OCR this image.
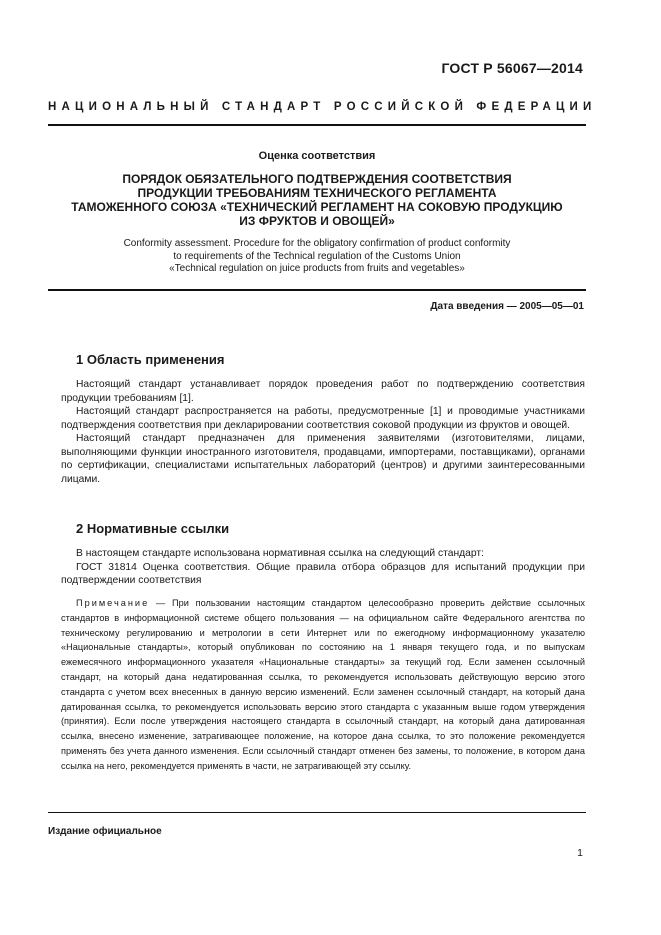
ГОСТ Р 56067—2014
НАЦИОНАЛЬНЫЙ СТАНДАРТ РОССИЙСКОЙ ФЕДЕРАЦИИ
Оценка соответствия
ПОРЯДОК ОБЯЗАТЕЛЬНОГО ПОДТВЕРЖДЕНИЯ СООТВЕТСТВИЯ
ПРОДУКЦИИ ТРЕБОВАНИЯМ ТЕХНИЧЕСКОГО РЕГЛАМЕНТА
ТАМОЖЕННОГО СОЮЗА «ТЕХНИЧЕСКИЙ РЕГЛАМЕНТ НА СОКОВУЮ ПРОДУКЦИЮ
ИЗ ФРУКТОВ И ОВОЩЕЙ»
Conformity assessment. Procedure for the obligatory confirmation of product conformity
to requirements of the Technical regulation of the Customs Union
«Technical regulation on juice products from fruits and vegetables»
Дата введения — 2005—05—01
1 Область применения

Настоящий стандарт устанавливает порядок проведения работ по подтверждению соответствия продукции требованиям [1].

Настоящий стандарт распространяется на работы, предусмотренные [1] и проводимые участниками подтверждения соответствия при декларировании соответствия соковой продукции из фруктов и овощей.

Настоящий стандарт предназначен для применения заявителями (изготовителями, лицами, выполняющими функции иностранного изготовителя, продавцами, импортерами, поставщиками), органами по сертификации, специалистами испытательных лабораторий (центров) и другими заинтересованными лицами.

2 Нормативные ссылки

В настоящем стандарте использована нормативная ссылка на следующий стандарт:

ГОСТ 31814 Оценка соответствия. Общие правила отбора образцов для испытаний продукции при подтверждении соответствия

Примечание — При пользовании настоящим стандартом целесообразно проверить действие ссылочных стандартов в информационной системе общего пользования — на официальном сайте Федерального агентства по техническому регулированию и метрологии в сети Интернет или по ежегодному информационному указателю «Национальные стандарты», который опубликован по состоянию на 1 января текущего года, и по выпускам ежемесячного информационного указателя «Национальные стандарты» за текущий год. Если заменен ссылочный стандарт, на который дана недатированная ссылка, то рекомендуется использовать действующую версию этого стандарта с учетом всех внесенных в данную версию изменений. Если заменен ссылочный стандарт, на который дана датированная ссылка, то рекомендуется использовать версию этого стандарта с указанным выше годом утверждения (принятия). Если после утверждения настоящего стандарта в ссылочный стандарт, на который дана датированная ссылка, внесено изменение, затрагивающее положение, на которое дана ссылка, то это положение рекомендуется применять без учета данного изменения. Если ссылочный стандарт отменен без замены, то положение, в котором дана ссылка на него, рекомендуется применять в части, не затрагивающей эту ссылку.

Издание официальное
1
